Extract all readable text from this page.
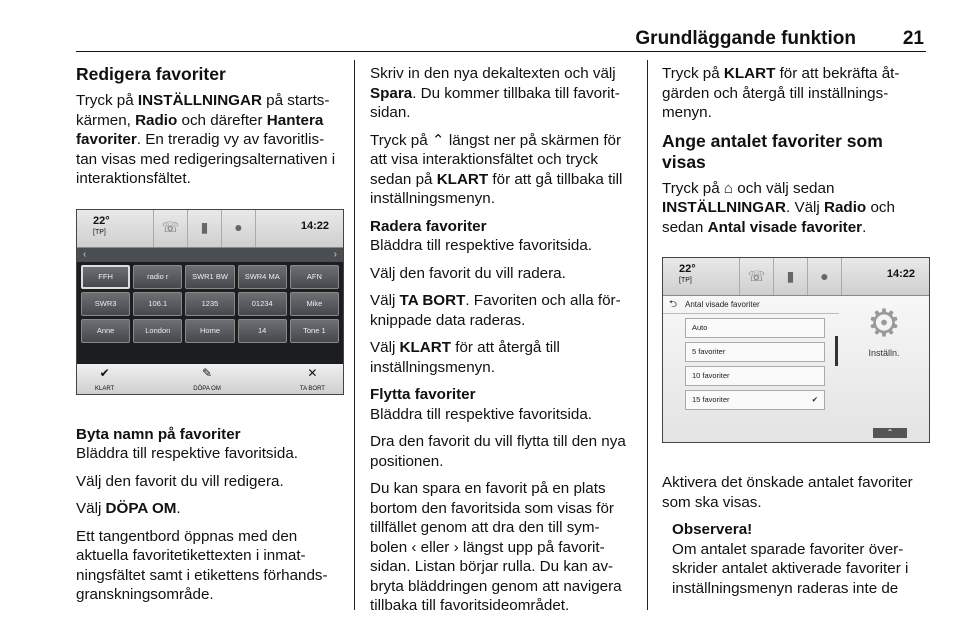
Grundläggande funktion 21
Redigera favoriter

Tryck på INSTÄLLNINGAR på starts-kärmen, Radio och därefter Hantera favoriter. En treradig vy av favoritlis-tan visas med redigeringsalternativen i interaktionsfältet.

22°
[TP]	☏	▮	●	14:22
‹	›
FFH	radio r	SWR1 BW	SWR4 MA	AFN
SWR3	106.1	1235	01234	Mike
Anne	London	Home	14	Tone 1
✔
KLART
✎
DÖPA OM
✕
TA BORT
Byta namn på favoriter

Bläddra till respektive favoritsida.

Välj den favorit du vill redigera.

Välj DÖPA OM.

Ett tangentbord öppnas med den aktuella favoritetikettexten i inmat-ningsfältet samt i etikettens förhands-granskningsområde.

Skriv in den nya dekaltexten och välj Spara. Du kommer tillbaka till favorit-sidan.

Tryck på ⌃ längst ner på skärmen för att visa interaktionsfältet och tryck sedan på KLART för att gå tillbaka till inställningsmenyn.

Radera favoriter

Bläddra till respektive favoritsida.

Välj den favorit du vill radera.

Välj TA BORT. Favoriten och alla för-knippade data raderas.

Välj KLART för att återgå till inställningsmenyn.

Flytta favoriter

Bläddra till respektive favoritsida.

Dra den favorit du vill flytta till den nya positionen.

Du kan spara en favorit på en plats bortom den favoritsida som visas för tillfället genom att dra den till sym-bolen ‹ eller › längst upp på favorit-sidan. Listan börjar rulla. Du kan av-bryta bläddringen genom att navigera tillbaka till favoritsideområdet.

Tryck på KLART för att bekräfta åt-gärden och återgå till inställnings-menyn.

Ange antalet favoriter som visas

Tryck på ⌂ och välj sedan INSTÄLLNINGAR. Välj Radio och sedan Antal visade favoriter.

22°
[TP]	☏	▮	●	14:22
⮌ Antal visade favoriter
Auto
5 favoriter
10 favoriter
15 favoriter	✔
⚙
Inställn.
⌃

Aktivera det önskade antalet favoriter som ska visas.

Observera!
Om antalet sparade favoriter över-skrider antalet aktiverade favoriter i inställningsmenyn raderas inte de
